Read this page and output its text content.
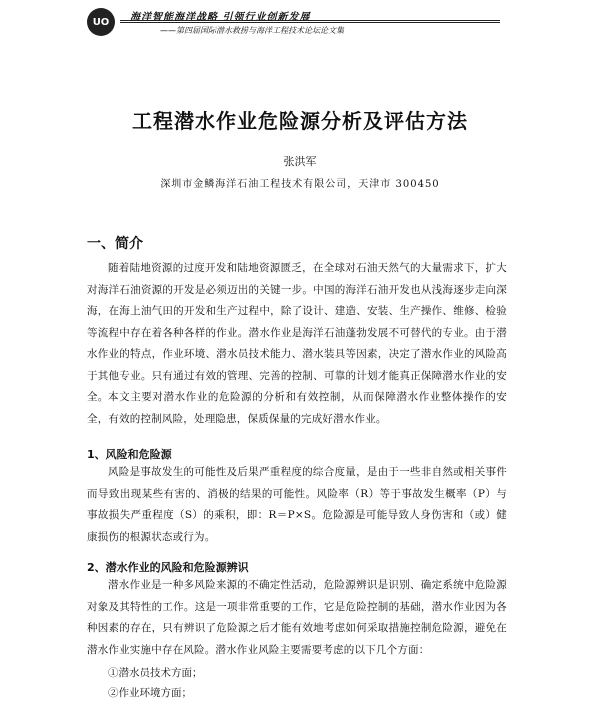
UO	海洋智能海洋战略 引领行业创新发展
——第四届国际潜水救捞与海洋工程技术论坛论文集
工程潜水作业危险源分析及评估方法
张洪军
深圳市金鳞海洋石油工程技术有限公司，天津市 300450
一、简介

随着陆地资源的过度开发和陆地资源匮乏，在全球对石油天然气的大量需求下，扩大对海洋石油资源的开发是必须迈出的关键一步。中国的海洋石油开发也从浅海逐步走向深海，在海上油气田的开发和生产过程中，除了设计、建造、安装、生产操作、维修、检验等流程中存在着各种各样的作业。潜水作业是海洋石油蓬勃发展不可替代的专业。由于潜水作业的特点，作业环境、潜水员技术能力、潜水装具等因素，决定了潜水作业的风险高于其他专业。只有通过有效的管理、完善的控制、可靠的计划才能真正保障潜水作业的安全。 本文主要对潜水作业的危险源的分析和有效控制，从而保障潜水作业整体操作的安全，有效的控制风险，处理隐患，保质保量的完成好潜水作业。

1、风险和危险源

风险是事故发生的可能性及后果严重程度的综合度量，是由于一些非自然或相关事件而导致出现某些有害的、消极的结果的可能性。风险率（R）等于事故发生概率（P）与事故损失严重程度（S）的乘积，即：R＝P×S。危险源是可能导致人身伤害和（或）健康损伤的根源状态或行为。

2、潜水作业的风险和危险源辨识

潜水作业是一种多风险来源的不确定性活动，危险源辨识是识别、确定系统中危险源对象及其特性的工作。这是一项非常重要的工作，它是危险控制的基础，潜水作业因为各种因素的存在，只有辨识了危险源之后才能有效地考虑如何采取措施控制危险源，避免在潜水作业实施中存在风险。潜水作业风险主要需要考虑的以下几个方面：

①潜水员技术方面；
②作业环境方面；
